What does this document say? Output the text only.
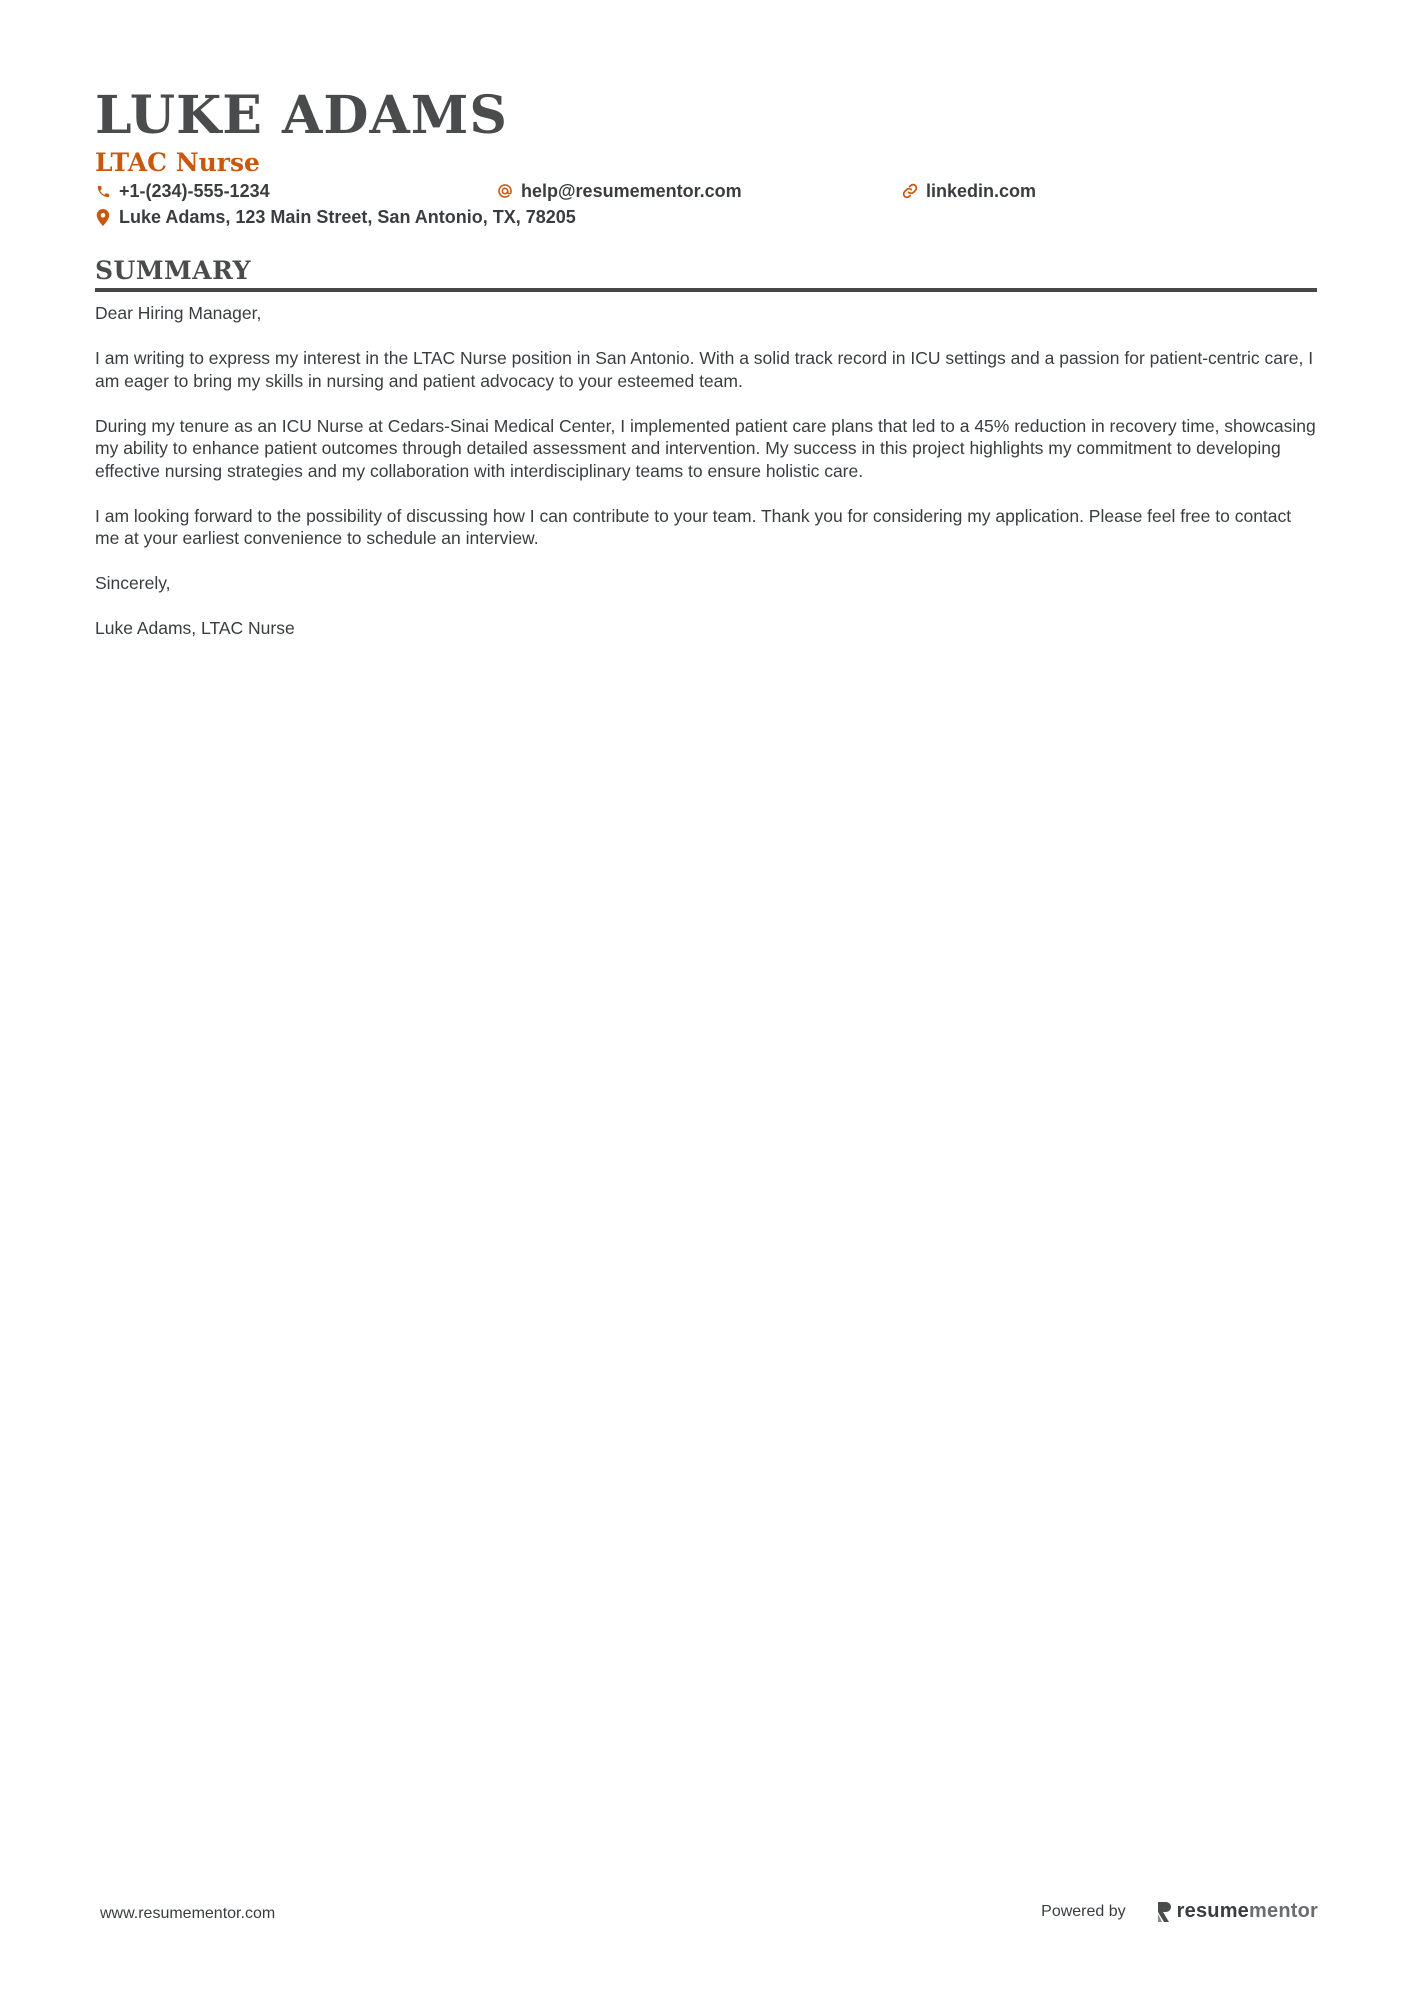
LUKE ADAMS
LTAC Nurse
+1-(234)-555-1234	help@resumementor.com	linkedin.com
Luke Adams, 123 Main Street, San Antonio, TX, 78205
SUMMARY

Dear Hiring Manager,

I am writing to express my interest in the LTAC Nurse position in San Antonio. With a solid track record in ICU settings and a passion for patient-centric care, I am eager to bring my skills in nursing and patient advocacy to your esteemed team.

During my tenure as an ICU Nurse at Cedars-Sinai Medical Center, I implemented patient care plans that led to a 45% reduction in recovery time, showcasing my ability to enhance patient outcomes through detailed assessment and intervention. My success in this project highlights my commitment to developing effective nursing strategies and my collaboration with interdisciplinary teams to ensure holistic care.

I am looking forward to the possibility of discussing how I can contribute to your team. Thank you for considering my application. Please feel free to contact me at your earliest convenience to schedule an interview.

Sincerely,

Luke Adams, LTAC Nurse

www.resumementor.com	Powered by	resume mentor
